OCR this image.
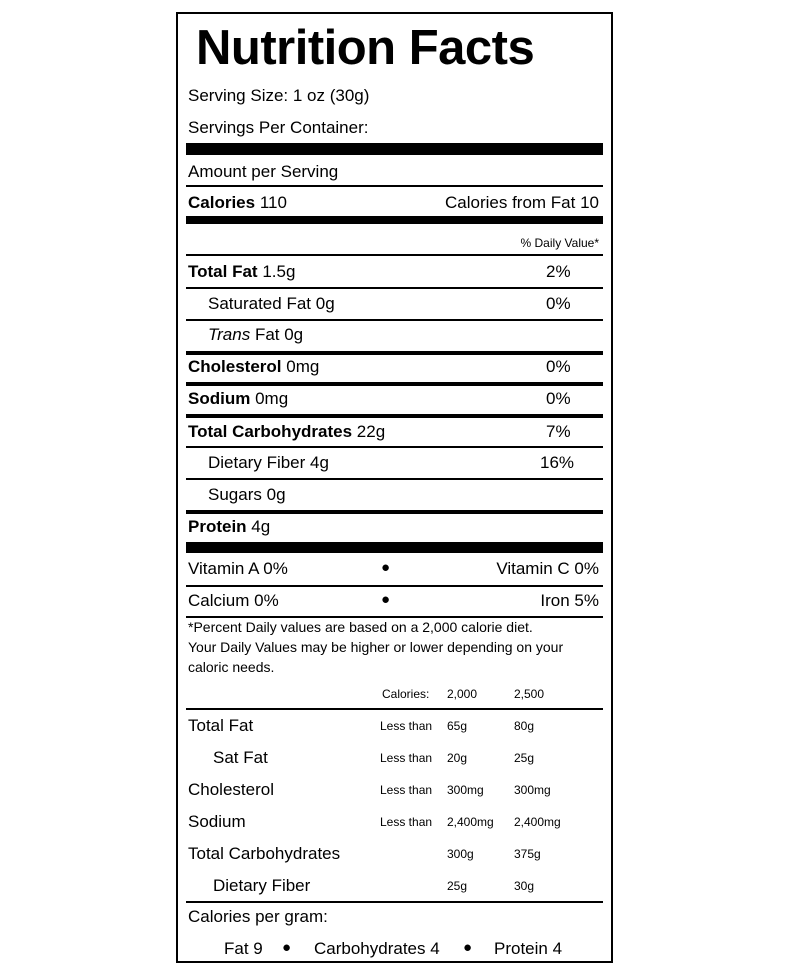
Nutrition Facts
Serving Size: 1 oz (30g)
Servings Per Container:
Amount per Serving
Calories 110	Calories from Fat 10
% Daily Value*
Total Fat 1.5g	2%
Saturated Fat 0g	0%
Trans Fat 0g
Cholesterol 0mg	0%
Sodium 0mg	0%
Total Carbohydrates 22g	7%
Dietary Fiber 4g	16%
Sugars 0g
Protein 4g
Vitamin A 0%	●	Vitamin C 0%
Calcium 0%	●	Iron 5%
*Percent Daily values are based on a 2,000 calorie diet.
Your Daily Values may be higher or lower depending on your
caloric needs.
Calories: 2,000	2,500
Total Fat	Less than 65g	80g
Sat Fat	Less than 20g	25g
Cholesterol	Less than 300mg	300mg
Sodium	Less than 2,400mg 2,400mg
Total Carbohydrates	300g	375g
Dietary Fiber	25g	30g
Calories per gram:
Fat 9 ● Carbohydrates 4 ● Protein 4
